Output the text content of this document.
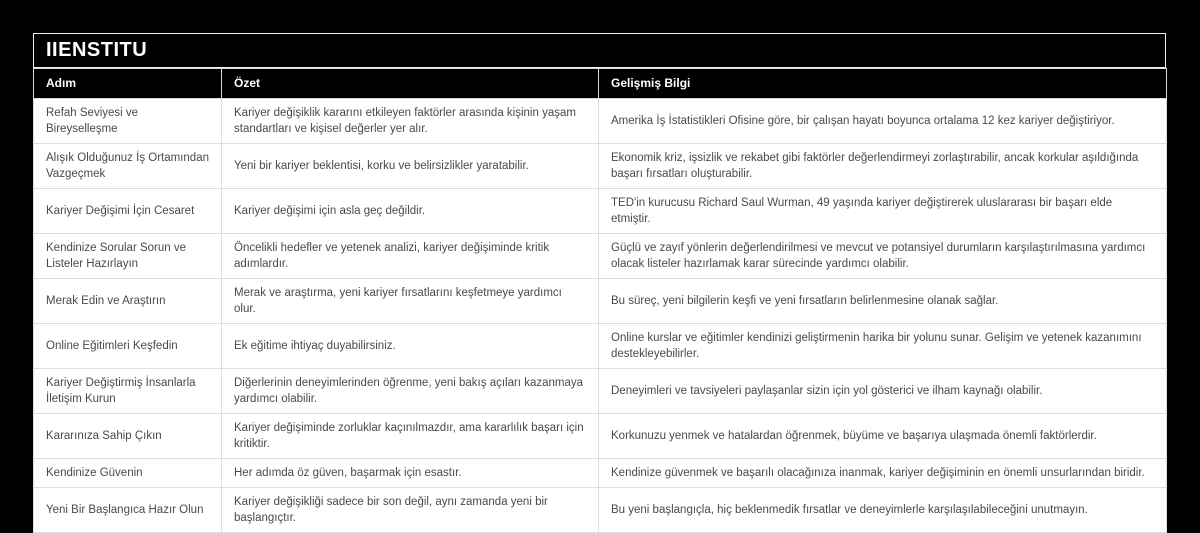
IIENSTITU
Adım	Özet	Gelişmiş Bilgi
Refah Seviyesi ve Bireyselleşme	Kariyer değişiklik kararını etkileyen faktörler arasında kişinin yaşam standartları ve kişisel değerler yer alır.	Amerika İş İstatistikleri Ofisine göre, bir çalışan hayatı boyunca ortalama 12 kez kariyer değiştiriyor.
Alışık Olduğunuz İş Ortamından Vazgeçmek	Yeni bir kariyer beklentisi, korku ve belirsizlikler yaratabilir.	Ekonomik kriz, işsizlik ve rekabet gibi faktörler değerlendirmeyi zorlaştırabilir, ancak korkular aşıldığında başarı fırsatları oluşturabilir.
Kariyer Değişimi İçin Cesaret	Kariyer değişimi için asla geç değildir.	TED'in kurucusu Richard Saul Wurman, 49 yaşında kariyer değiştirerek uluslararası bir başarı elde etmiştir.
Kendinize Sorular Sorun ve Listeler Hazırlayın	Öncelikli hedefler ve yetenek analizi, kariyer değişiminde kritik adımlardır.	Güçlü ve zayıf yönlerin değerlendirilmesi ve mevcut ve potansiyel durumların karşılaştırılmasına yardımcı olacak listeler hazırlamak karar sürecinde yardımcı olabilir.
Merak Edin ve Araştırın	Merak ve araştırma, yeni kariyer fırsatlarını keşfetmeye yardımcı olur.	Bu süreç, yeni bilgilerin keşfi ve yeni fırsatların belirlenmesine olanak sağlar.
Online Eğitimleri Keşfedin	Ek eğitime ihtiyaç duyabilirsiniz.	Online kurslar ve eğitimler kendinizi geliştirmenin harika bir yolunu sunar. Gelişim ve yetenek kazanımını destekleyebilirler.
Kariyer Değiştirmiş İnsanlarla İletişim Kurun	Diğerlerinin deneyimlerinden öğrenme, yeni bakış açıları kazanmaya yardımcı olabilir.	Deneyimleri ve tavsiyeleri paylaşanlar sizin için yol gösterici ve ilham kaynağı olabilir.
Kararınıza Sahip Çıkın	Kariyer değişiminde zorluklar kaçınılmazdır, ama kararlılık başarı için kritiktir.	Korkunuzu yenmek ve hatalardan öğrenmek, büyüme ve başarıya ulaşmada önemli faktörlerdir.
Kendinize Güvenin	Her adımda öz güven, başarmak için esastır.	Kendinize güvenmek ve başarılı olacağınıza inanmak, kariyer değişiminin en önemli unsurlarından biridir.
Yeni Bir Başlangıca Hazır Olun	Kariyer değişikliği sadece bir son değil, aynı zamanda yeni bir başlangıçtır.	Bu yeni başlangıçla, hiç beklenmedik fırsatlar ve deneyimlerle karşılaşılabileceğini unutmayın.
